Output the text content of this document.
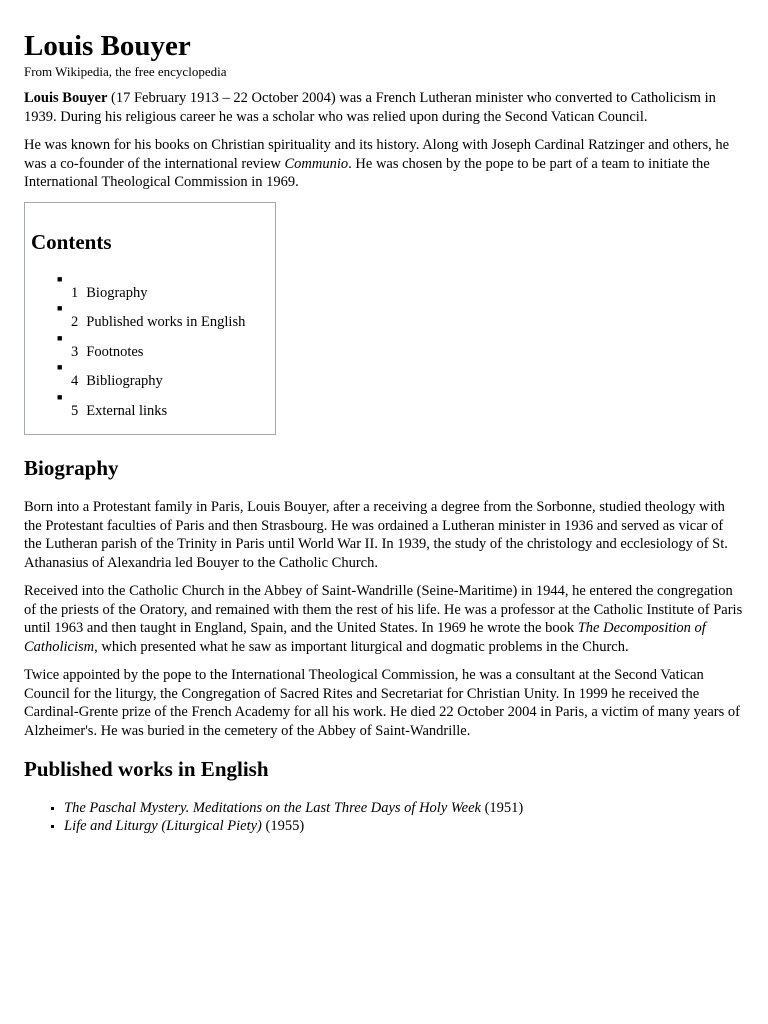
Louis Bouyer
From Wikipedia, the free encyclopedia

Louis Bouyer (17 February 1913 – 22 October 2004) was a French Lutheran minister who converted to Catholicism in 1939. During his religious career he was a scholar who was relied upon during the Second Vatican Council.

He was known for his books on Christian spirituality and its history. Along with Joseph Cardinal Ratzinger and others, he was a co-founder of the international review Communio. He was chosen by the pope to be part of a team to initiate the International Theological Commission in 1969.

Contents
■
1 Biography
■
2 Published works in English
■
3 Footnotes
■
4 Bibliography
■
5 External links
Biography

Born into a Protestant family in Paris, Louis Bouyer, after a receiving a degree from the Sorbonne, studied theology with the Protestant faculties of Paris and then Strasbourg. He was ordained a Lutheran minister in 1936 and served as vicar of the Lutheran parish of the Trinity in Paris until World War II. In 1939, the study of the christology and ecclesiology of St. Athanasius of Alexandria led Bouyer to the Catholic Church.

Received into the Catholic Church in the Abbey of Saint-Wandrille (Seine-Maritime) in 1944, he entered the congregation of the priests of the Oratory, and remained with them the rest of his life. He was a professor at the Catholic Institute of Paris until 1963 and then taught in England, Spain, and the United States. In 1969 he wrote the book The Decomposition of Catholicism, which presented what he saw as important liturgical and dogmatic problems in the Church.

Twice appointed by the pope to the International Theological Commission, he was a consultant at the Second Vatican Council for the liturgy, the Congregation of Sacred Rites and Secretariat for Christian Unity. In 1999 he received the Cardinal-Grente prize of the French Academy for all his work. He died 22 October 2004 in Paris, a victim of many years of Alzheimer's. He was buried in the cemetery of the Abbey of Saint-Wandrille.

Published works in English
▪ The Paschal Mystery. Meditations on the Last Three Days of Holy Week (1951)
▪ Life and Liturgy (Liturgical Piety) (1955)
